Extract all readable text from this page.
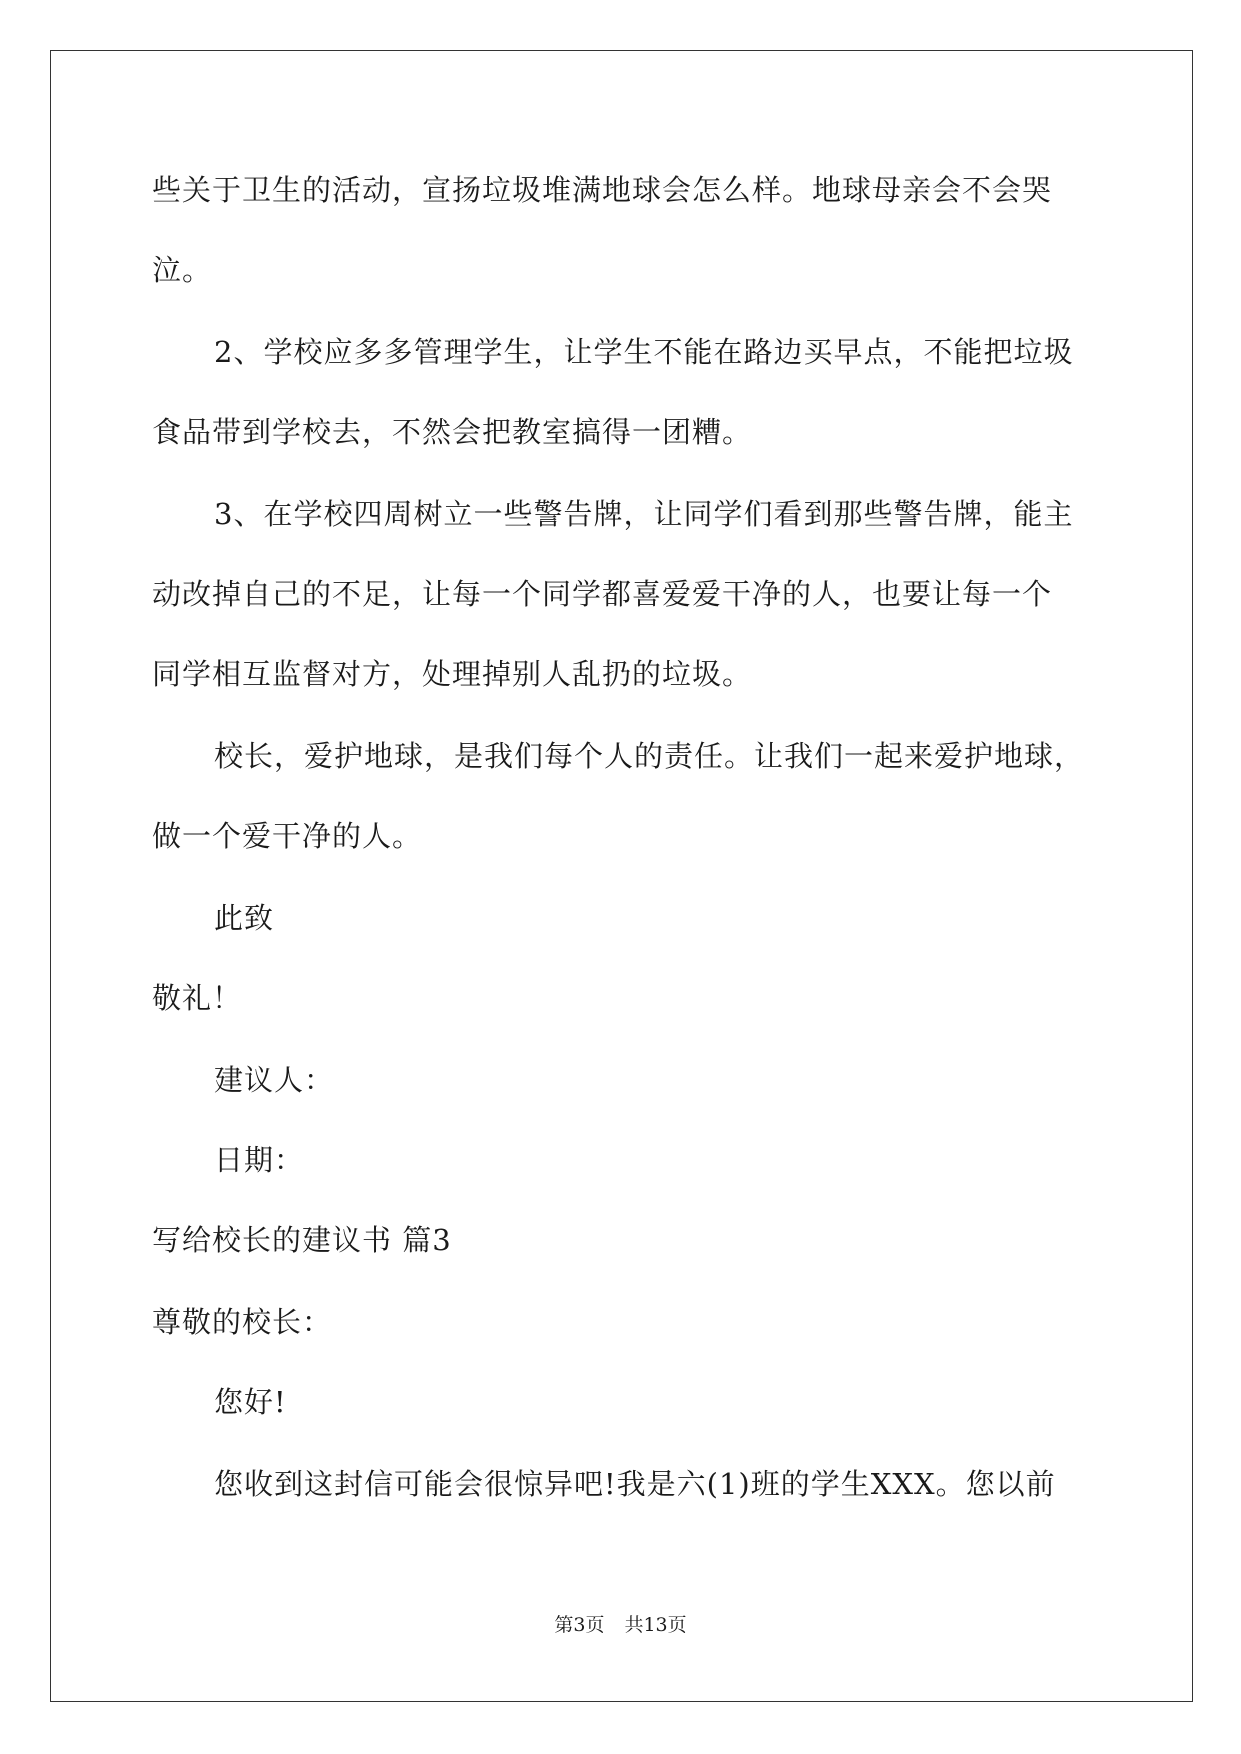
些关于卫生的活动，宣扬垃圾堆满地球会怎么样。地球母亲会不会哭
泣。
2、学校应多多管理学生，让学生不能在路边买早点，不能把垃圾
食品带到学校去，不然会把教室搞得一团糟。
3、在学校四周树立一些警告牌，让同学们看到那些警告牌，能主
动改掉自己的不足，让每一个同学都喜爱爱干净的人，也要让每一个
同学相互监督对方，处理掉别人乱扔的垃圾。
校长，爱护地球，是我们每个人的责任。让我们一起来爱护地球，
做一个爱干净的人。
此致
敬礼！
建议人：
日期：
写给校长的建议书 篇3
尊敬的校长：
您好!
您收到这封信可能会很惊异吧!我是六(1)班的学生XXX。您以前
第3页 共13页
